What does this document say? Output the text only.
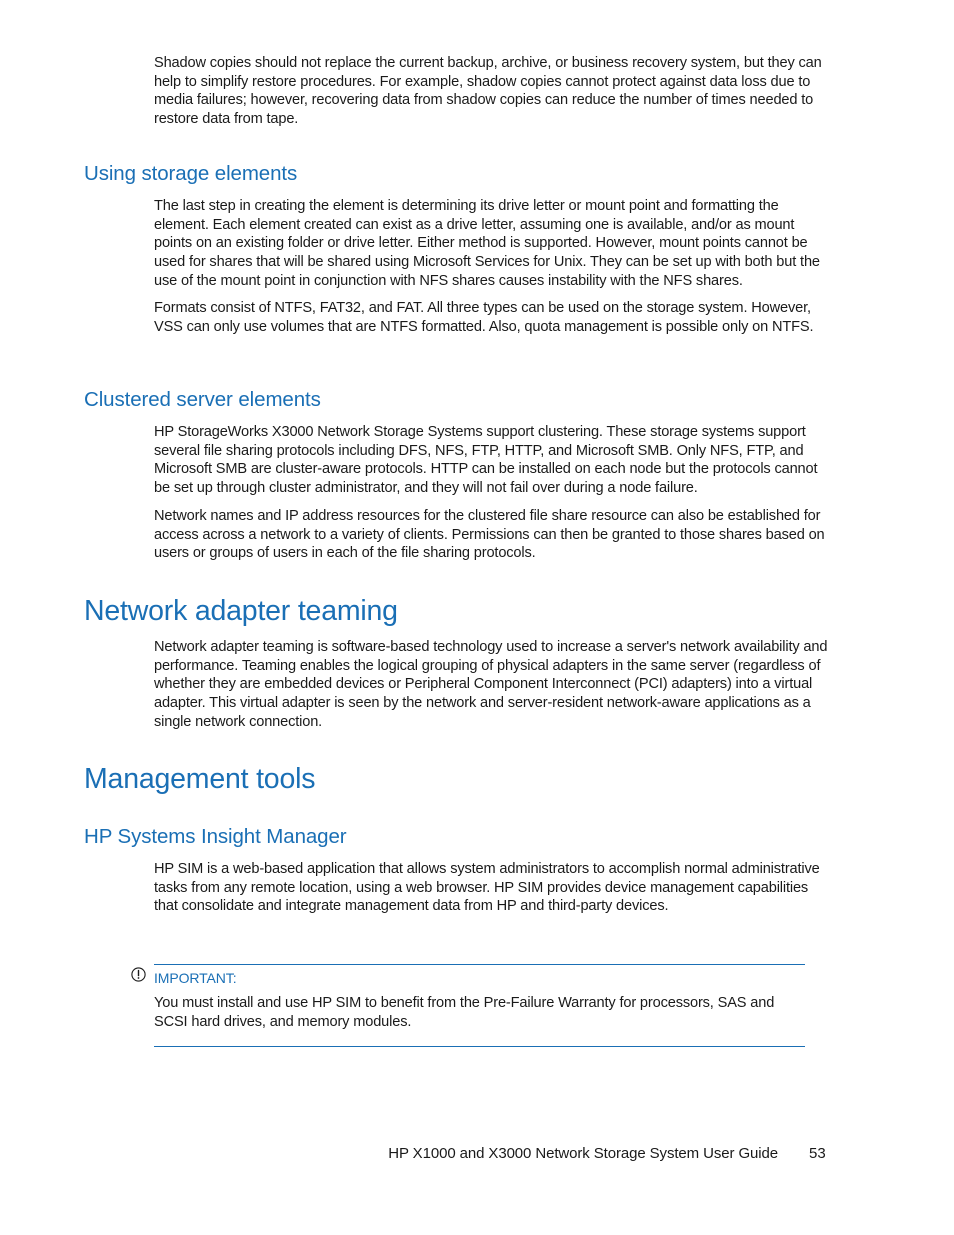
Shadow copies should not replace the current backup, archive, or business recovery system, but they can help to simplify restore procedures. For example, shadow copies cannot protect against data loss due to media failures; however, recovering data from shadow copies can reduce the number of times needed to restore data from tape.

Using storage elements

The last step in creating the element is determining its drive letter or mount point and formatting the element. Each element created can exist as a drive letter, assuming one is available, and/or as mount points on an existing folder or drive letter. Either method is supported. However, mount points cannot be used for shares that will be shared using Microsoft Services for Unix. They can be set up with both but the use of the mount point in conjunction with NFS shares causes instability with the NFS shares.

Formats consist of NTFS, FAT32, and FAT. All three types can be used on the storage system. However, VSS can only use volumes that are NTFS formatted. Also, quota management is possible only on NTFS.

Clustered server elements

HP StorageWorks X3000 Network Storage Systems support clustering. These storage systems support several file sharing protocols including DFS, NFS, FTP, HTTP, and Microsoft SMB. Only NFS, FTP, and Microsoft SMB are cluster-aware protocols. HTTP can be installed on each node but the protocols cannot be set up through cluster administrator, and they will not fail over during a node failure.

Network names and IP address resources for the clustered file share resource can also be established for access across a network to a variety of clients. Permissions can then be granted to those shares based on users or groups of users in each of the file sharing protocols.

Network adapter teaming

Network adapter teaming is software-based technology used to increase a server's network availability and performance. Teaming enables the logical grouping of physical adapters in the same server (regardless of whether they are embedded devices or Peripheral Component Interconnect (PCI) adapters) into a virtual adapter. This virtual adapter is seen by the network and server-resident network-aware applications as a single network connection.

Management tools
HP Systems Insight Manager

HP SIM is a web-based application that allows system administrators to accomplish normal administrative tasks from any remote location, using a web browser. HP SIM provides device management capabilities that consolidate and integrate management data from HP and third-party devices.

IMPORTANT:

You must install and use HP SIM to benefit from the Pre-Failure Warranty for processors, SAS and SCSI hard drives, and memory modules.

HP X1000 and X3000 Network Storage System User Guide 53
